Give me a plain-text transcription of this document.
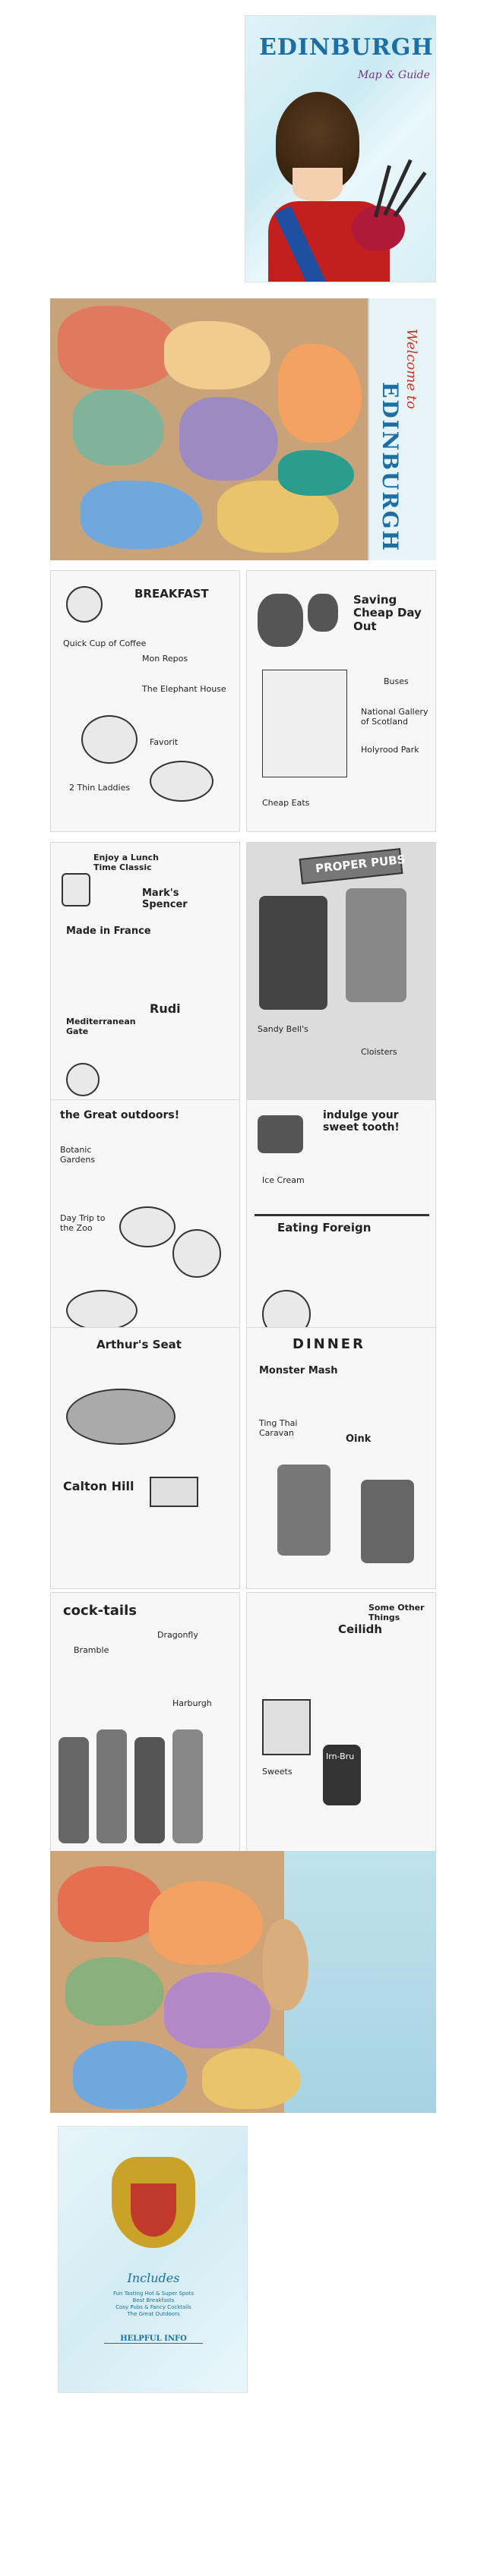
EDINBURGH
Map & Guide
Welcome to
EDINBURGH
BREAKFAST
Quick Cup of Coffee
The Elephant House
Favorit
2 Thin Laddies
Mon Repos
Saving Cheap Day Out
Buses
National Gallery of Scotland
Holyrood Park
Cheap Eats
Enjoy a Lunch Time Classic
Made in France
Mark's Spencer
Mediterranean Gate
Rudi
PROPER PUBS
Sandy Bell's
Cloisters
the Great outdoors!
Botanic Gardens
Day Trip to the Zoo
indulge your sweet tooth!
Ice Cream
Eating Foreign
Arthur's Seat
Calton Hill
DINNER
Monster Mash
Oink
Ting Thai Caravan
cock-tails
Bramble
Dragonfly
Harburgh
Some Other Things
Irn-Bru
Ceilidh
Sweets
Includes
Fun Tasting Hot & Super Spots
Best Breakfasts
Cosy Pubs & Fancy Cocktails
The Great Outdoors
HELPFUL INFO
